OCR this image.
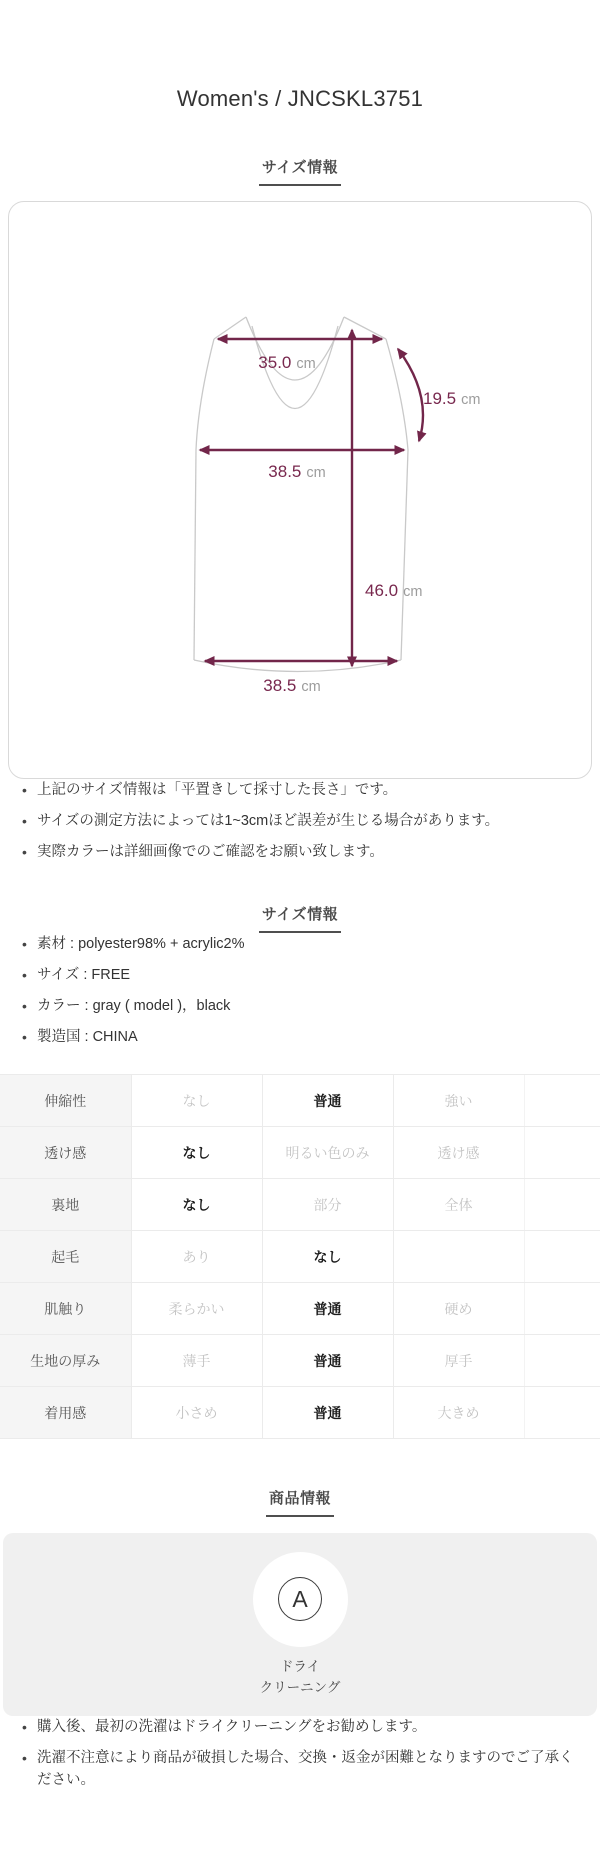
Women's / JNCSKL3751
サイズ情報
35.0 cm
19.5 cm
38.5 cm
46.0 cm
38.5 cm
• 上記のサイズ情報は「平置きして採寸した長さ」です。
• サイズの測定方法によっては1~3cmほど誤差が生じる場合があります。
• 実際カラーは詳細画像でのご確認をお願い致します。
サイズ情報
• 素材 : polyester98% + acrylic2%
• サイズ : FREE
• カラー : gray ( model )，black
• 製造国 : CHINA
伸縮性	なし	普通	強い	
透け感	なし	明るい色のみ	透け感	
裏地	なし	部分	全体	
起毛	あり	なし		
肌触り	柔らかい	普通	硬め	
生地の厚み	薄手	普通	厚手	
着用感	小さめ	普通	大きめ	
商品情報
A
ドライ
クリーニング
• 購入後、最初の洗濯はドライクリーニングをお勧めします。
• 洗濯不注意により商品が破損した場合、交換・返金が困難となりますのでご了承ください。
